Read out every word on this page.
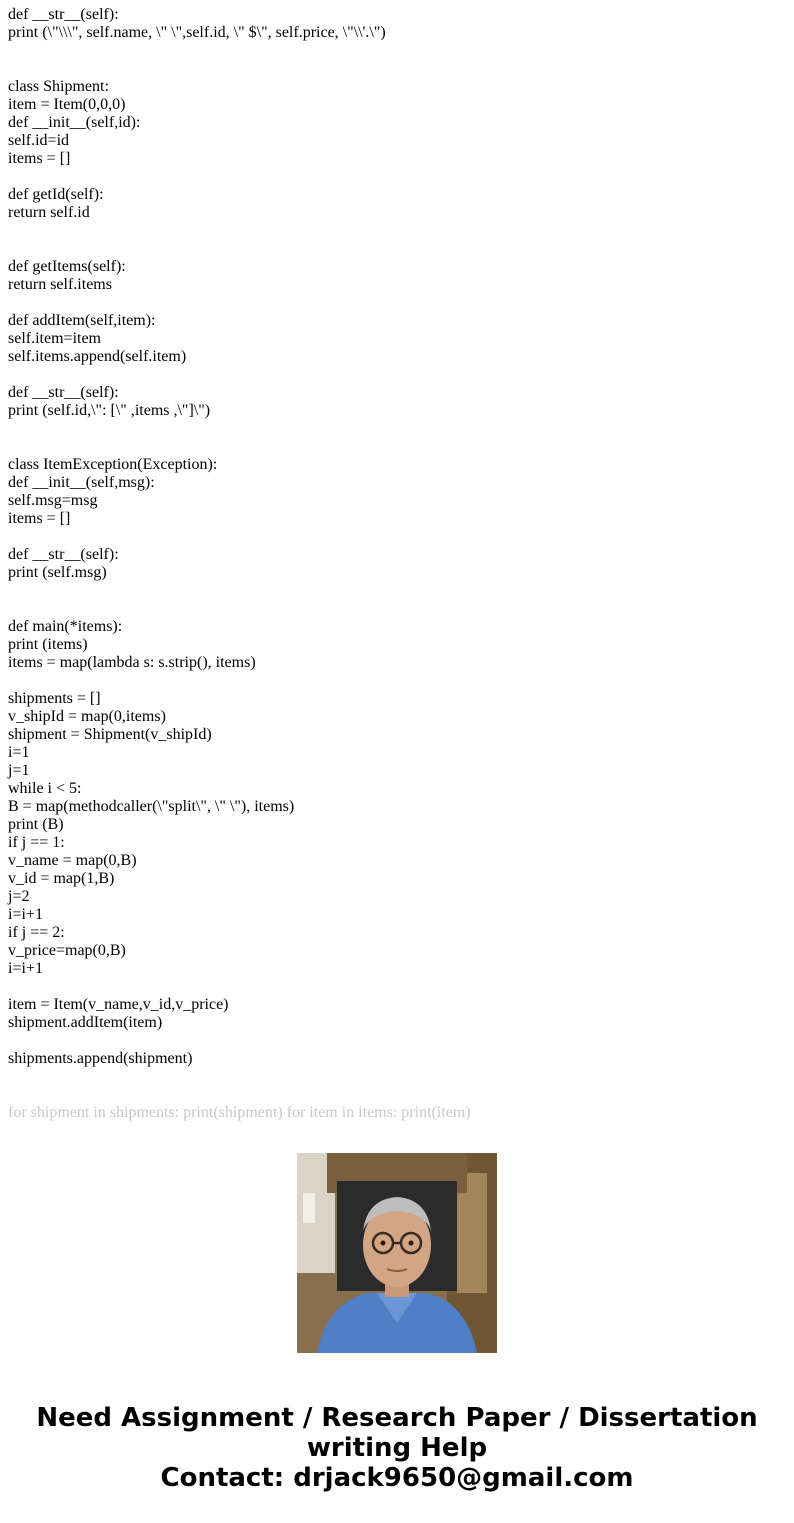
def __str__(self):
print (\"\\\", self.name, \" \",self.id, \" $\", self.price, \"\\'.\")
class Shipment:
item = Item(0,0,0)
def __init__(self,id):
self.id=id
items = []
def getId(self):
return self.id
def getItems(self):
return self.items
def addItem(self,item):
self.item=item
self.items.append(self.item)
def __str__(self):
print (self.id,\": [\" ,items ,\"]\")
class ItemException(Exception):
def __init__(self,msg):
self.msg=msg
items = []
def __str__(self):
print (self.msg)
def main(*items):
print (items)
items = map(lambda s: s.strip(), items)
shipments = []
v_shipId = map(0,items)
shipment = Shipment(v_shipId)
i=1
j=1
while i < 5:
B = map(methodcaller(\"split\", \" \"), items)
print (B)
if j == 1:
v_name = map(0,B)
v_id = map(1,B)
j=2
i=i+1
if j == 2:
v_price=map(0,B)
i=i+1
item = Item(v_name,v_id,v_price)
shipment.addItem(item)
shipments.append(shipment)
for shipment in shipments: print(shipment) for item in items: print(item)
Need Assignment / Research Paper / Dissertation
writing Help
Contact: drjack9650@gmail.com
